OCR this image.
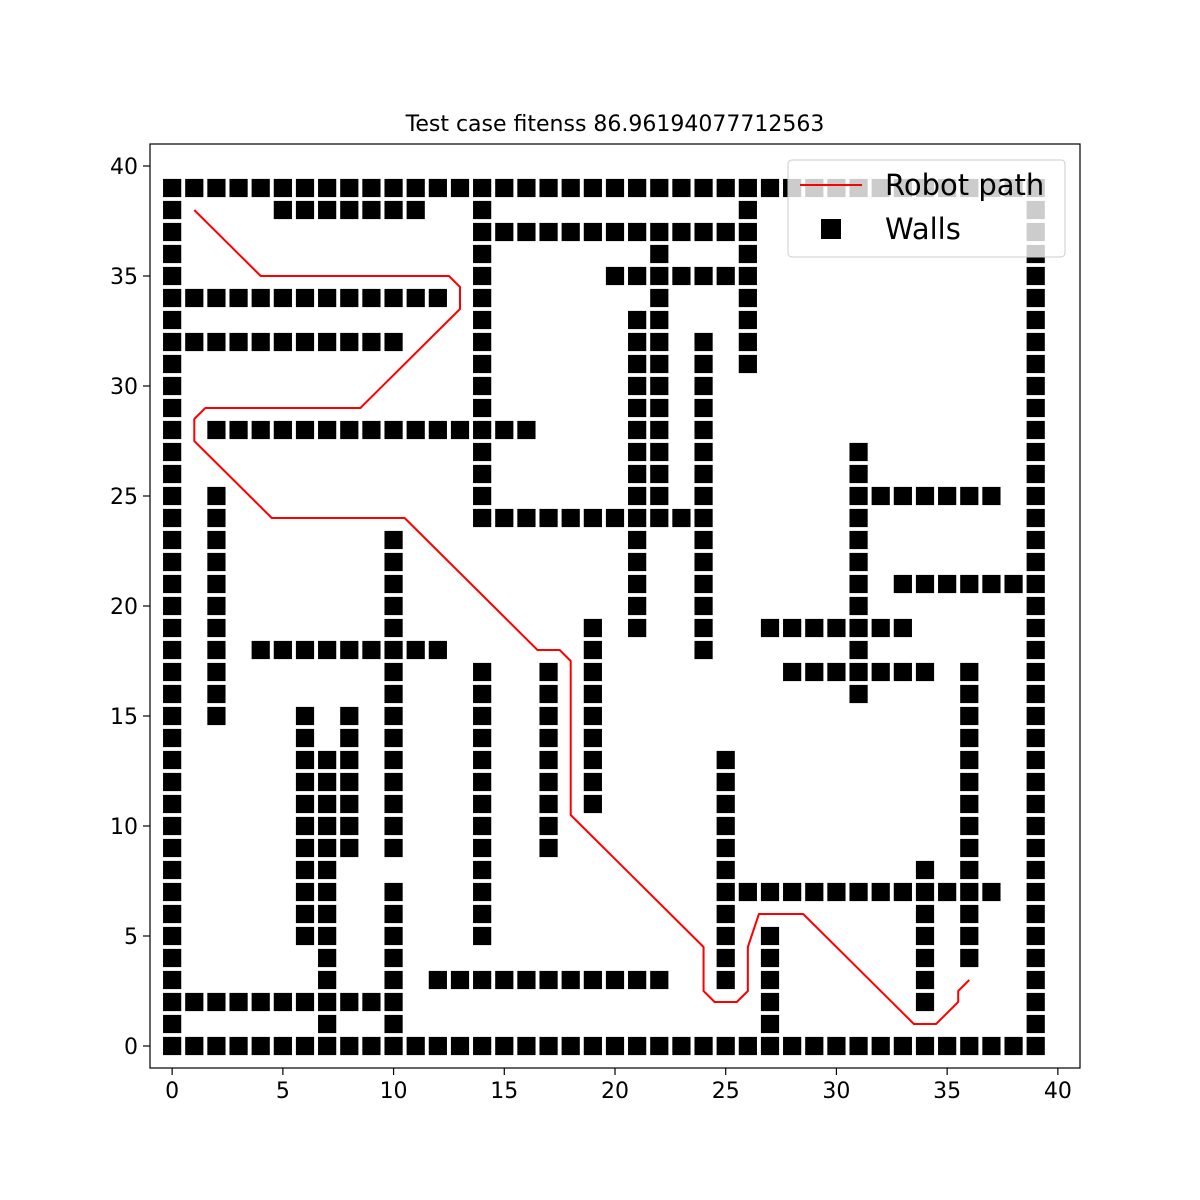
0	5	10	15	20	25	30	35	40
0
5
10
15
20
25
30
35
40
Robot path
Walls
Test case fitenss 86.96194077712563
